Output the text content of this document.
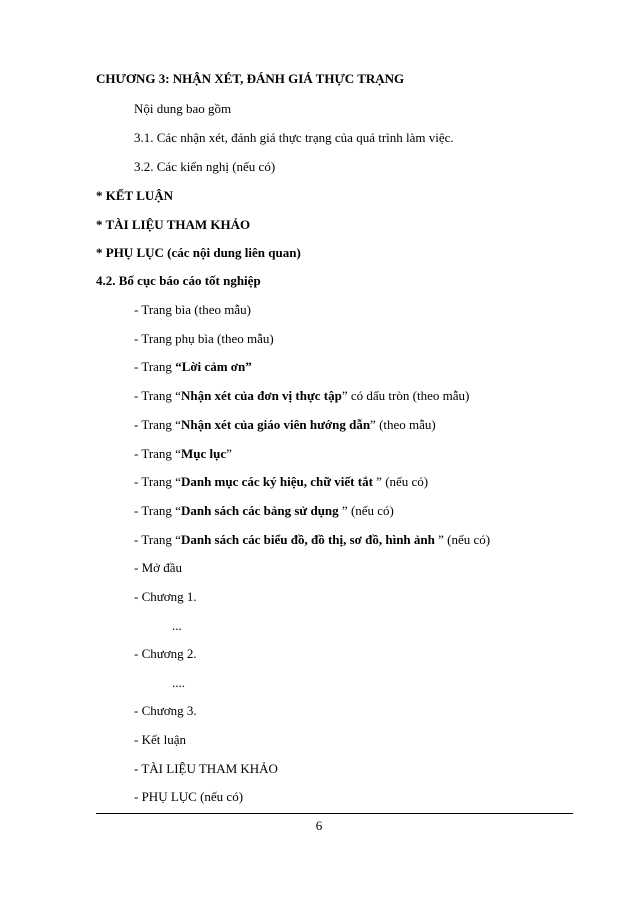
CHƯƠNG 3: NHẬN XÉT, ĐÁNH GIÁ THỰC TRẠNG
Nội dung bao gồm
3.1. Các nhận xét, đánh giá thực trạng của quá trình làm việc.
3.2. Các kiến nghị (nếu có)
* KẾT LUẬN
* TÀI LIỆU THAM KHẢO
* PHỤ LỤC (các nội dung liên quan)
4.2. Bố cục báo cáo tốt nghiệp
- Trang bìa (theo mẫu)
- Trang phụ bìa (theo mẫu)
- Trang “Lời cảm ơn”
- Trang “Nhận xét của đơn vị thực tập” có dấu tròn (theo mẫu)
- Trang “Nhận xét của giáo viên hướng dẫn” (theo mẫu)
- Trang “Mục lục”
- Trang “Danh mục các ký hiệu, chữ viết tắt ” (nếu có)
- Trang “Danh sách các bảng sử dụng ” (nếu có)
- Trang “Danh sách các biểu đồ, đồ thị, sơ đồ, hình ảnh ” (nếu có)
- Mở đầu
- Chương 1.
...
- Chương 2.
....
- Chương 3.
- Kết luận
- TÀI LIỆU THAM KHẢO
- PHỤ LỤC (nếu có)
6
